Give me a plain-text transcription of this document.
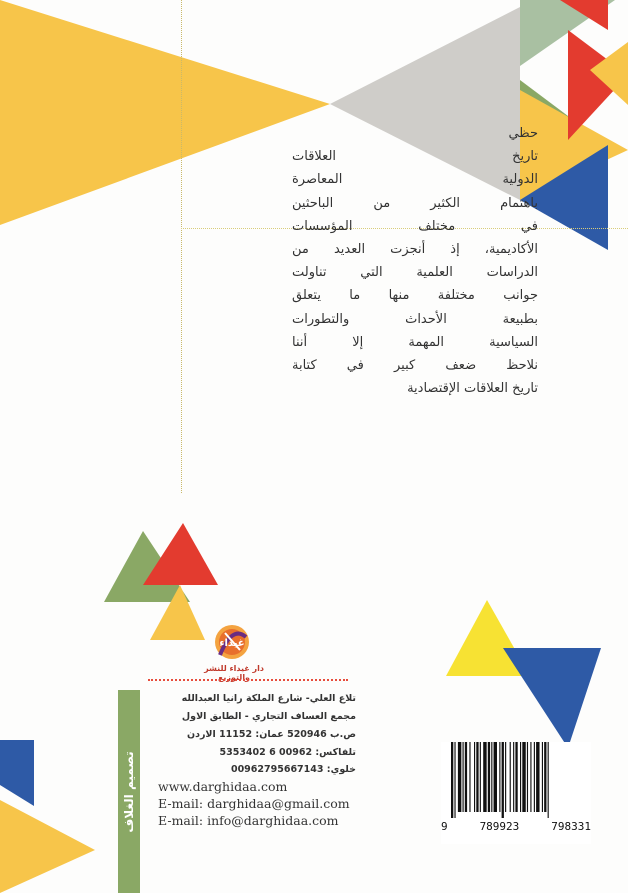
حظي
تاريخ العلاقات
الدولية المعاصرة
باهتمام الكثير من الباحثين
في مختلف المؤسسات
الأكاديمية، إذ أنجزت العديد من
الدراسات العلمية التي تناولت
جوانب مختلفة منها ما يتعلق
بطبيعة الأحداث والتطورات
السياسية المهمة إلا أننا
نلاحظ ضعف كبير في كتابة
تاريخ العلاقات الإقتصادية
غيداء
دار غيداء للنشر والتوزيع
تصميم الغلاف
تلاع العلي- شارع الملكة رانيا العبدالله
مجمع العساف التجاري - الطابق الاول
ص.ب 520946 عمان: 11152 الاردن
تلفاكس: 00962 6 5353402
خلوي: 00962795667143
www.darghidaa.com
E-mail: darghidaa@gmail.com
E-mail: info@darghidaa.com	9	789923	798331
